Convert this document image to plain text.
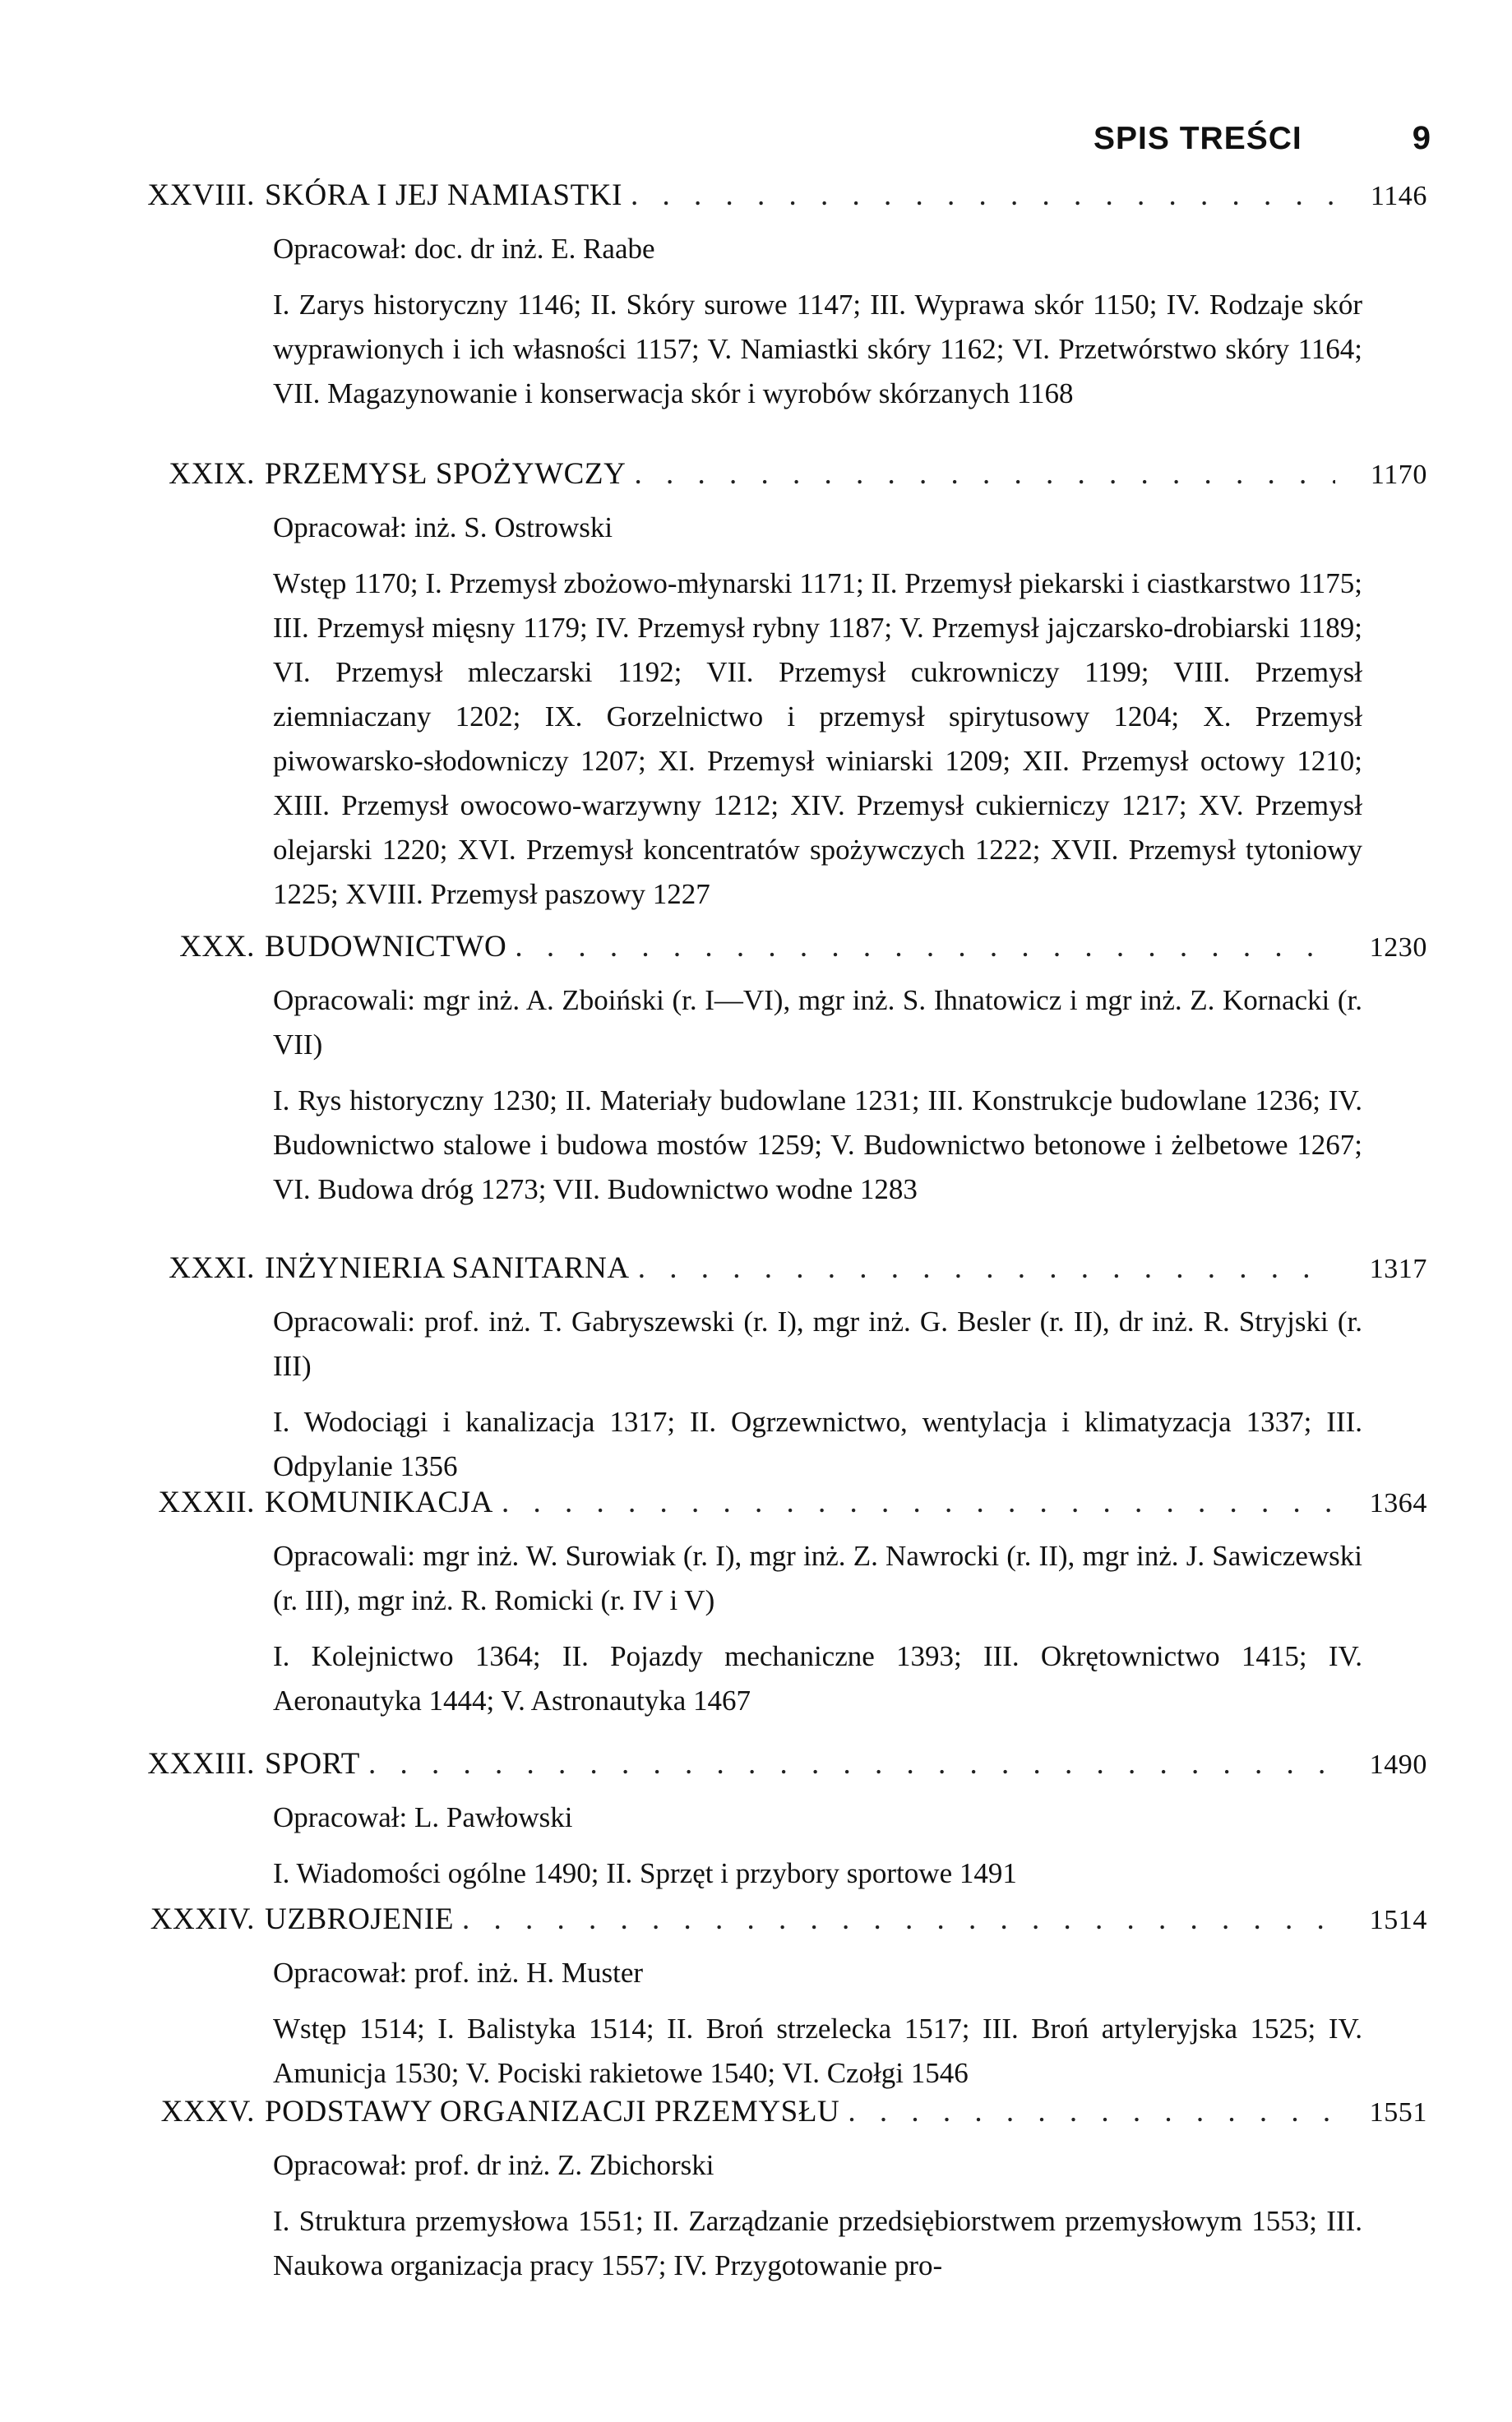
SPIS TREŚCI	9
XXVIII. SKÓRA I JEJ NAMIASTKI . . .	1146
Opracował: doc. dr inż. E. Raabe
I. Zarys historyczny 1146; II. Skóry surowe 1147; III. Wyprawa skór 1150; IV. Rodzaje skór wyprawionych i ich własności 1157; V. Namiastki skóry 1162; VI. Przetwórstwo skóry 1164; VII. Magazynowanie i konserwacja skór i wyrobów skórzanych 1168
XXIX. PRZEMYSŁ SPOŻYWCZY . . .	1170
Opracował: inż. S. Ostrowski
Wstęp 1170; I. Przemysł zbożowo-młynarski 1171; II. Przemysł piekarski i ciastkarstwo 1175; III. Przemysł mięsny 1179; IV. Przemysł rybny 1187; V. Przemysł jajczarsko-drobiarski 1189; VI. Przemysł mleczarski 1192; VII. Przemysł cukrowniczy 1199; VIII. Przemysł ziemniaczany 1202; IX. Gorzelnictwo i przemysł spirytusowy 1204; X. Przemysł piwowarsko-słodowniczy 1207; XI. Przemysł winiarski 1209; XII. Przemysł octowy 1210; XIII. Przemysł owocowo-warzywny 1212; XIV. Przemysł cukierniczy 1217; XV. Przemysł olejarski 1220; XVI. Przemysł koncentratów spożywczych 1222; XVII. Przemysł tytoniowy 1225; XVIII. Przemysł paszowy 1227
XXX. BUDOWNICTWO . . .	1230
Opracowali: mgr inż. A. Zboiński (r. I—VI), mgr inż. S. Ihnatowicz i mgr inż. Z. Kornacki (r. VII)
I. Rys historyczny 1230; II. Materiały budowlane 1231; III. Konstrukcje budowlane 1236; IV. Budownictwo stalowe i budowa mostów 1259; V. Budownictwo betonowe i żelbetowe 1267; VI. Budowa dróg 1273; VII. Budownictwo wodne 1283
XXXI. INŻYNIERIA SANITARNA . . .	1317
Opracowali: prof. inż. T. Gabryszewski (r. I), mgr inż. G. Besler (r. II), dr inż. R. Stryjski (r. III)
I. Wodociągi i kanalizacja 1317; II. Ogrzewnictwo, wentylacja i klimatyzacja 1337; III. Odpylanie 1356
XXXII. KOMUNIKACJA . . .	1364
Opracowali: mgr inż. W. Surowiak (r. I), mgr inż. Z. Nawrocki (r. II), mgr inż. J. Sawiczewski (r. III), mgr inż. R. Romicki (r. IV i V)
I. Kolejnictwo 1364; II. Pojazdy mechaniczne 1393; III. Okrętownictwo 1415; IV. Aeronautyka 1444; V. Astronautyka 1467
XXXIII. SPORT . . .	1490
Opracował: L. Pawłowski
I. Wiadomości ogólne 1490; II. Sprzęt i przybory sportowe 1491
XXXIV. UZBROJENIE . . .	1514
Opracował: prof. inż. H. Muster
Wstęp 1514; I. Balistyka 1514; II. Broń strzelecka 1517; III. Broń artyleryjska 1525; IV. Amunicja 1530; V. Pociski rakietowe 1540; VI. Czołgi 1546
XXXV. PODSTAWY ORGANIZACJI PRZEMYSŁU . . .	1551
Opracował: prof. dr inż. Z. Zbichorski
I. Struktura przemysłowa 1551; II. Zarządzanie przedsiębiorstwem przemysłowym 1553; III. Naukowa organizacja pracy 1557; IV. Przygotowanie pro-
